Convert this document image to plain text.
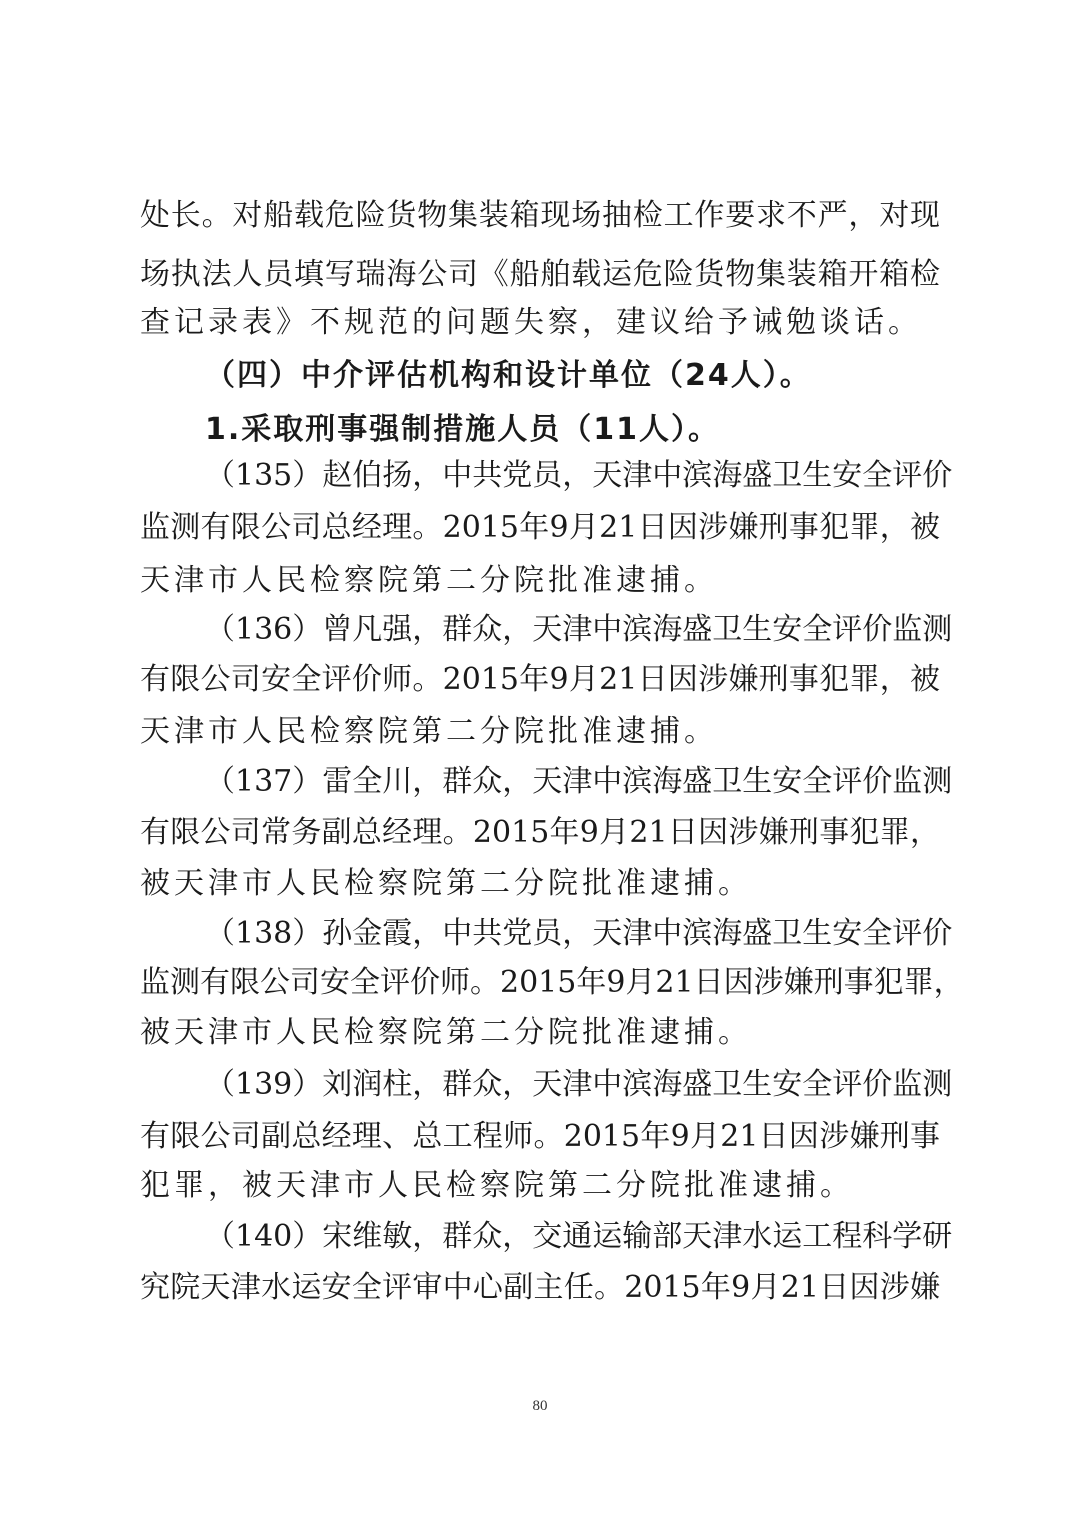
处长。对船载危险货物集装箱现场抽检工作要求不严，对现
场执法人员填写瑞海公司《船舶载运危险货物集装箱开箱检
查记录表》不规范的问题失察，建议给予诫勉谈话。
（四）中介评估机构和设计单位（24人）。
1.采取刑事强制措施人员（11人）。
（135）赵伯扬，中共党员，天津中滨海盛卫生安全评价
监测有限公司总经理。2015年9月21日因涉嫌刑事犯罪，被
天津市人民检察院第二分院批准逮捕。
（136）曾凡强，群众，天津中滨海盛卫生安全评价监测
有限公司安全评价师。2015年9月21日因涉嫌刑事犯罪，被
天津市人民检察院第二分院批准逮捕。
（137）雷全川，群众，天津中滨海盛卫生安全评价监测
有限公司常务副总经理。2015年9月21日因涉嫌刑事犯罪，
被天津市人民检察院第二分院批准逮捕。
（138）孙金霞，中共党员，天津中滨海盛卫生安全评价
监测有限公司安全评价师。2015年9月21日因涉嫌刑事犯罪，
被天津市人民检察院第二分院批准逮捕。
（139）刘润柱，群众，天津中滨海盛卫生安全评价监测
有限公司副总经理、总工程师。2015年9月21日因涉嫌刑事
犯罪，被天津市人民检察院第二分院批准逮捕。
（140）宋维敏，群众，交通运输部天津水运工程科学研
究院天津水运安全评审中心副主任。2015年9月21日因涉嫌
80
